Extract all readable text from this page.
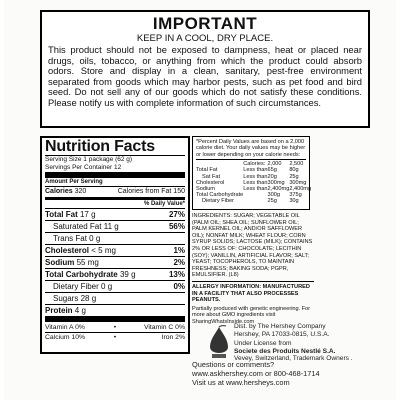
IMPORTANT
KEEP IN A COOL, DRY PLACE.
This product should not be exposed to dampness, heat or placed near drugs, oils, tobacco, or anything from which the product could absorb odors. Store and display in a clean, sanitary, pest-free environment separated from goods which may harbor pests, such as pet food and bird seed. Do not sell any of our goods which do not satisfy these conditions. Please notify us with complete information of such circumstances.
Nutrition Facts
Serving Size 1 package (62 g)
Servings Per Container 12
Amount Per Serving
Calories 320	Calories from Fat 150
% Daily Value*
Total Fat 17 g	27%
Saturated Fat 11 g	56%
Trans Fat 0 g
Cholesterol < 5 mg	1%
Sodium 55 mg	2%
Total Carbohydrate 39 g	13%
Dietary Fiber 0 g	0%
Sugars 28 g
Protein 4 g
Vitamin A 0%	•	Vitamin C 0%
Calcium 10%	•	Iron 2%
*Percent Daily Values are based on a 2,000 calorie diet. Your daily values may be higher or lower depending on your calorie needs:
	Calories:	2,000	2,500
Total Fat	Less than	65g	80g
Sat Fat	Less than	20g	25g
Cholesterol	Less than	300mg	300mg
Sodium	Less than	2,400mg	2,400mg
Total Carbohydrate		300g	375g
Dietary Fiber		25g	30g

INGREDIENTS: SUGAR; VEGETABLE OIL (PALM OIL; SHEA OIL; SUNFLOWER OIL; PALM KERNEL OIL; AND/OR SAFFLOWER OIL); NONFAT MILK; WHEAT FLOUR; CORN SYRUP SOLIDS; LACTOSE (MILK); CONTAINS 2% OR LESS OF: CHOCOLATE; LECITHIN (SOY); VANILLIN, ARTIFICIAL FLAVOR; SALT; YEAST; TOCOPHEROLS, TO MAINTAIN FRESHNESS; BAKING SODA; PGPR, EMULSIFIER. (L8)

ALLERGY INFORMATION: MANUFACTURED IN A FACILITY THAT ALSO PROCESSES PEANUTS.

Partially produced with genetic engineering. For more about GMO ingredients visit SharingWhatsInside.com

Dist. by The Hershey Company
Hershey, PA 17033-0815, U.S.A.
Under License from
Societe des Produits Nestlé S.A.
Vevey, Switzerland, Trademark Owners .
Questions or comments?
www.askhershey.com or 800-468-1714
Visit us at www.hersheys.com
